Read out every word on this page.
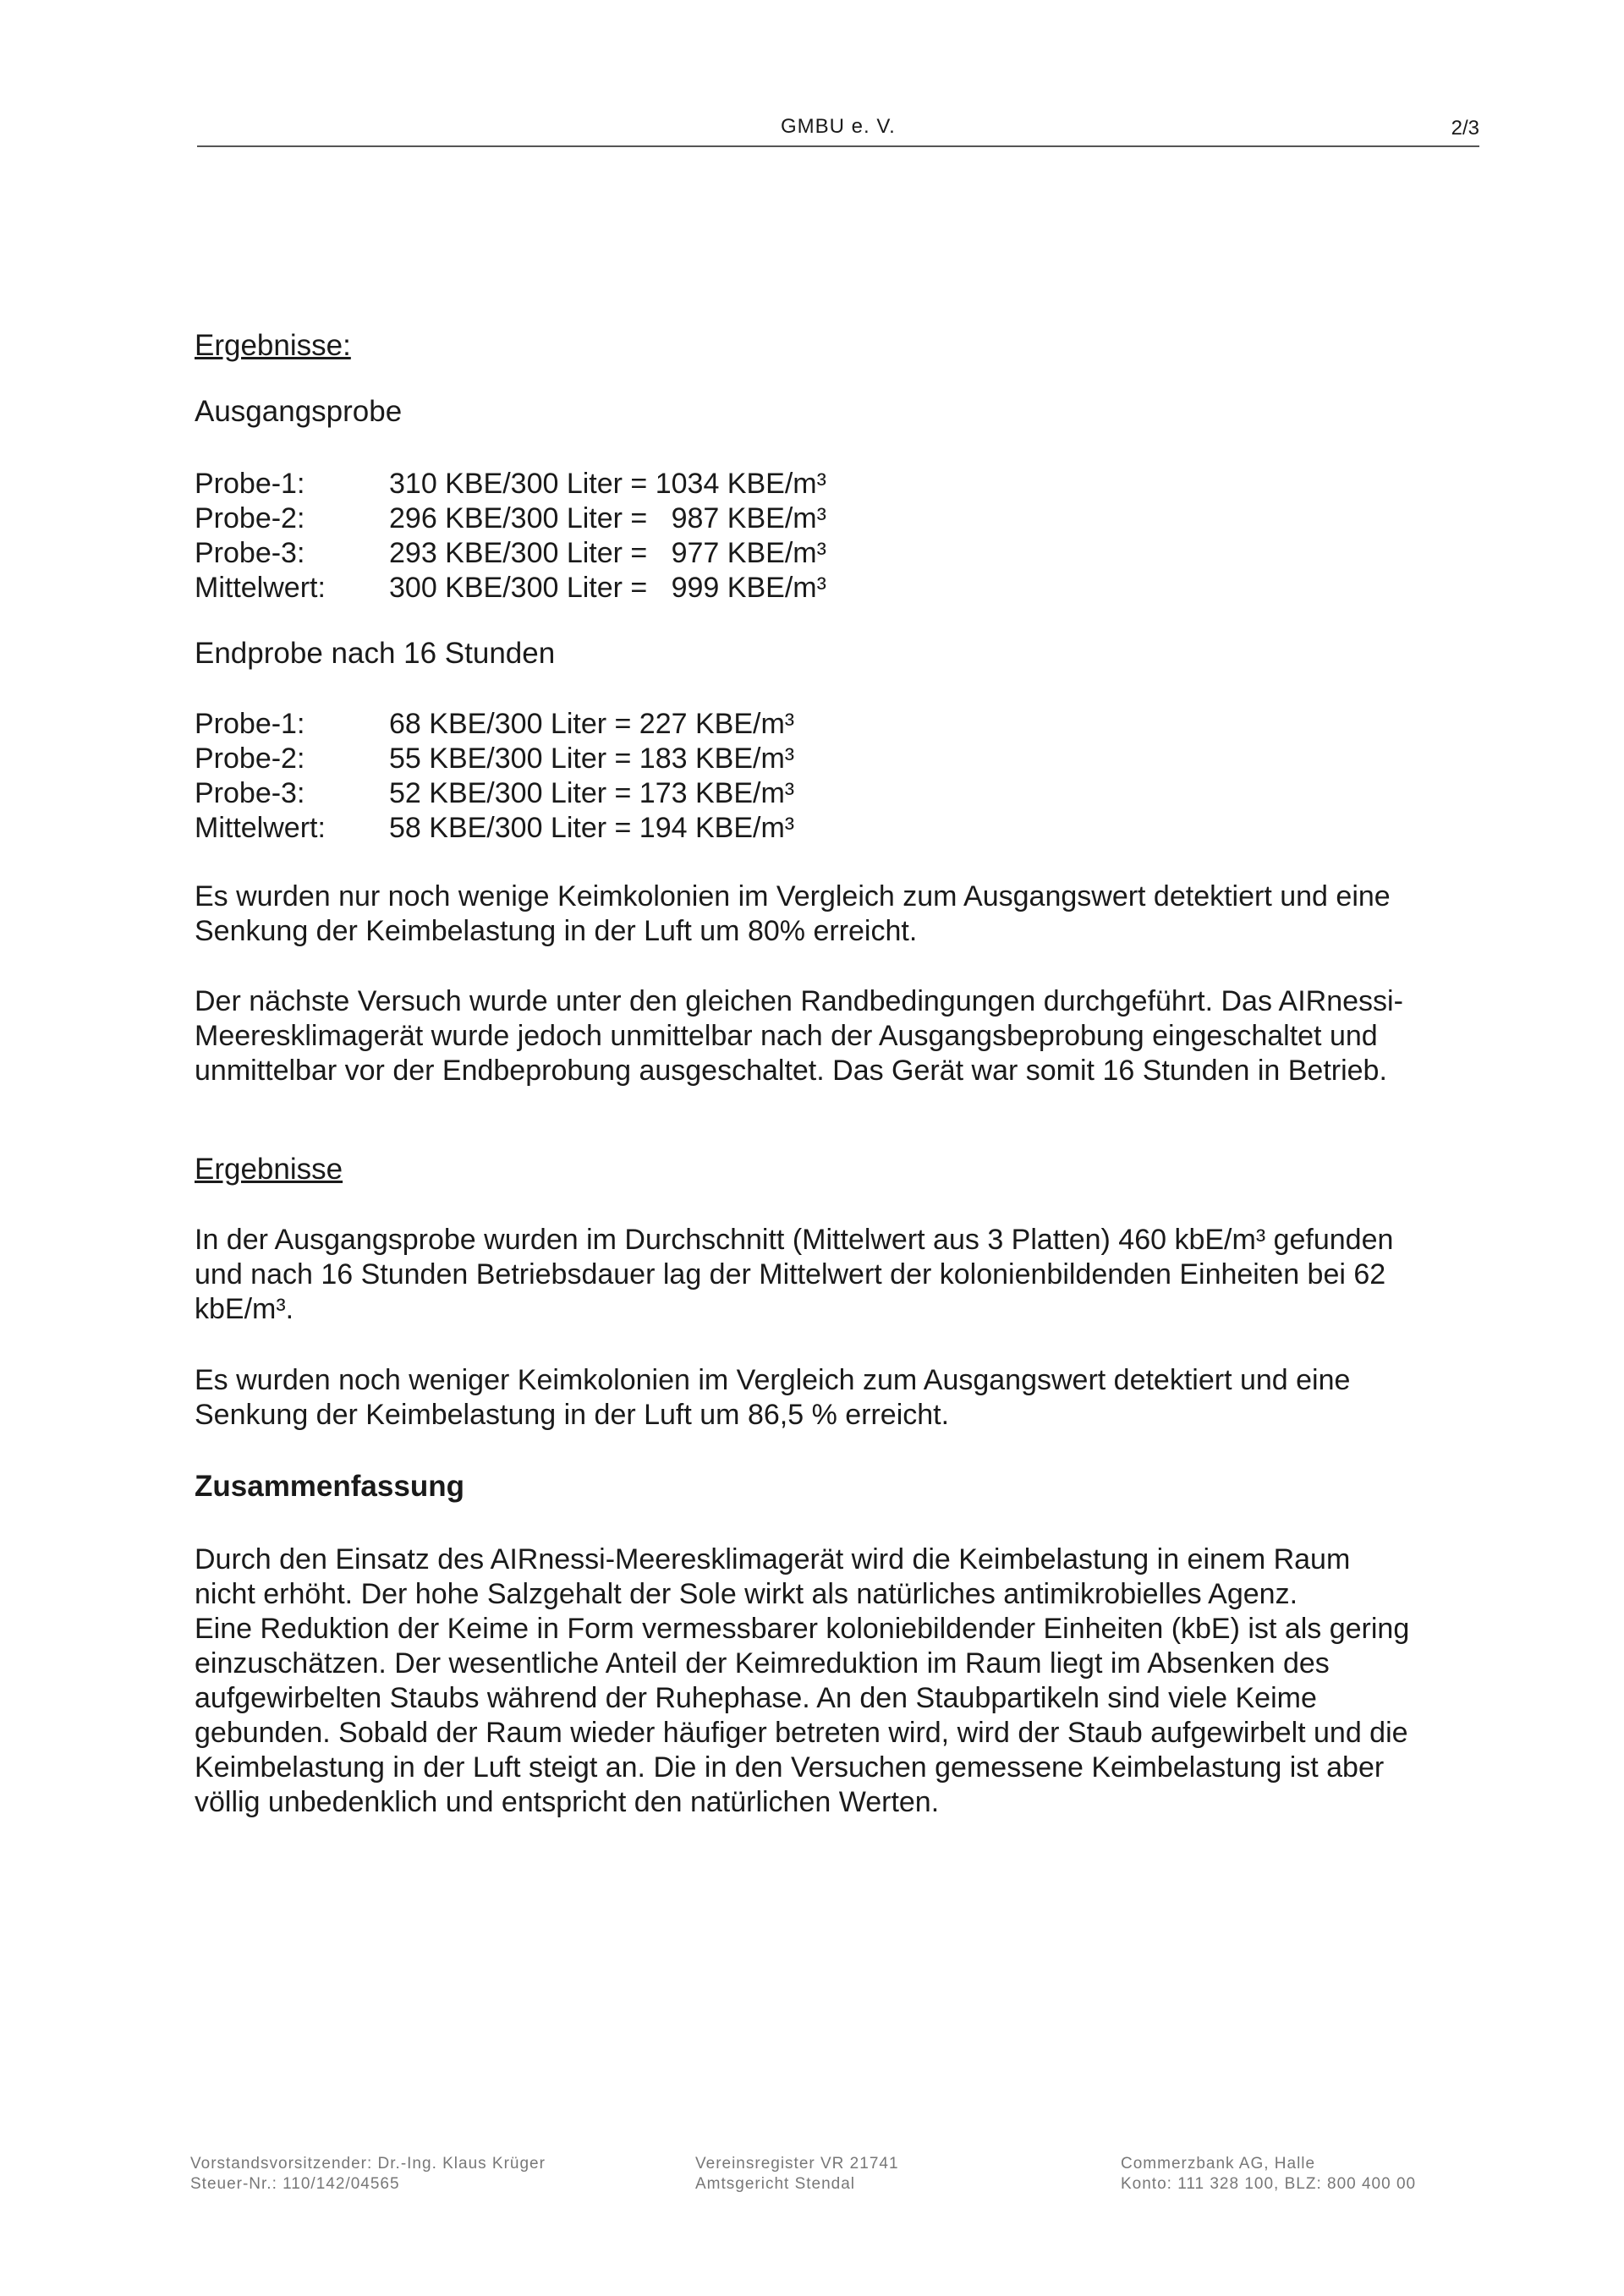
GMBU e. V.	2/3
Ergebnisse:
Ausgangsprobe
Probe-1:	310 KBE/300 Liter = 1034 KBE/m³
Probe-2:	296 KBE/300 Liter =   987 KBE/m³
Probe-3:	293 KBE/300 Liter =   977 KBE/m³
Mittelwert:	300 KBE/300 Liter =   999 KBE/m³
Endprobe nach 16 Stunden
Probe-1:	68 KBE/300 Liter = 227 KBE/m³
Probe-2:	55 KBE/300 Liter = 183 KBE/m³
Probe-3:	52 KBE/300 Liter = 173 KBE/m³
Mittelwert:	58 KBE/300 Liter = 194 KBE/m³
Es wurden nur noch wenige Keimkolonien im Vergleich zum Ausgangswert detektiert und eine
Senkung der Keimbelastung in der Luft um 80% erreicht.
Der nächste Versuch wurde unter den gleichen Randbedingungen durchgeführt. Das AIRnessi-
Meeresklimagerät wurde jedoch unmittelbar nach der Ausgangsbeprobung eingeschaltet und
unmittelbar vor der Endbeprobung ausgeschaltet. Das Gerät war somit 16 Stunden in Betrieb.
Ergebnisse
In der Ausgangsprobe wurden im Durchschnitt (Mittelwert aus 3 Platten) 460 kbE/m³ gefunden
und nach 16 Stunden Betriebsdauer lag der Mittelwert der kolonienbildenden Einheiten bei 62
kbE/m³.
Es wurden noch weniger Keimkolonien im Vergleich zum Ausgangswert detektiert und eine
Senkung der Keimbelastung in der Luft um 86,5 % erreicht.
Zusammenfassung
Durch den Einsatz des AIRnessi-Meeresklimagerät wird die Keimbelastung in einem Raum
nicht erhöht. Der hohe Salzgehalt der Sole wirkt als natürliches antimikrobielles Agenz.
Eine Reduktion der Keime in Form vermessbarer koloniebildender Einheiten (kbE) ist als gering
einzuschätzen. Der wesentliche Anteil der Keimreduktion im Raum liegt im Absenken des
aufgewirbelten Staubs während der Ruhephase. An den Staubpartikeln sind viele Keime
gebunden. Sobald der Raum wieder häufiger betreten wird, wird der Staub aufgewirbelt und die
Keimbelastung in der Luft steigt an. Die in den Versuchen gemessene Keimbelastung ist aber
völlig unbedenklich und entspricht den natürlichen Werten.
Vorstandsvorsitzender: Dr.-Ing. Klaus Krüger
Steuer-Nr.: 110/142/04565
Vereinsregister VR 21741
Amtsgericht Stendal
Commerzbank AG, Halle
Konto: 111 328 100, BLZ: 800 400 00
